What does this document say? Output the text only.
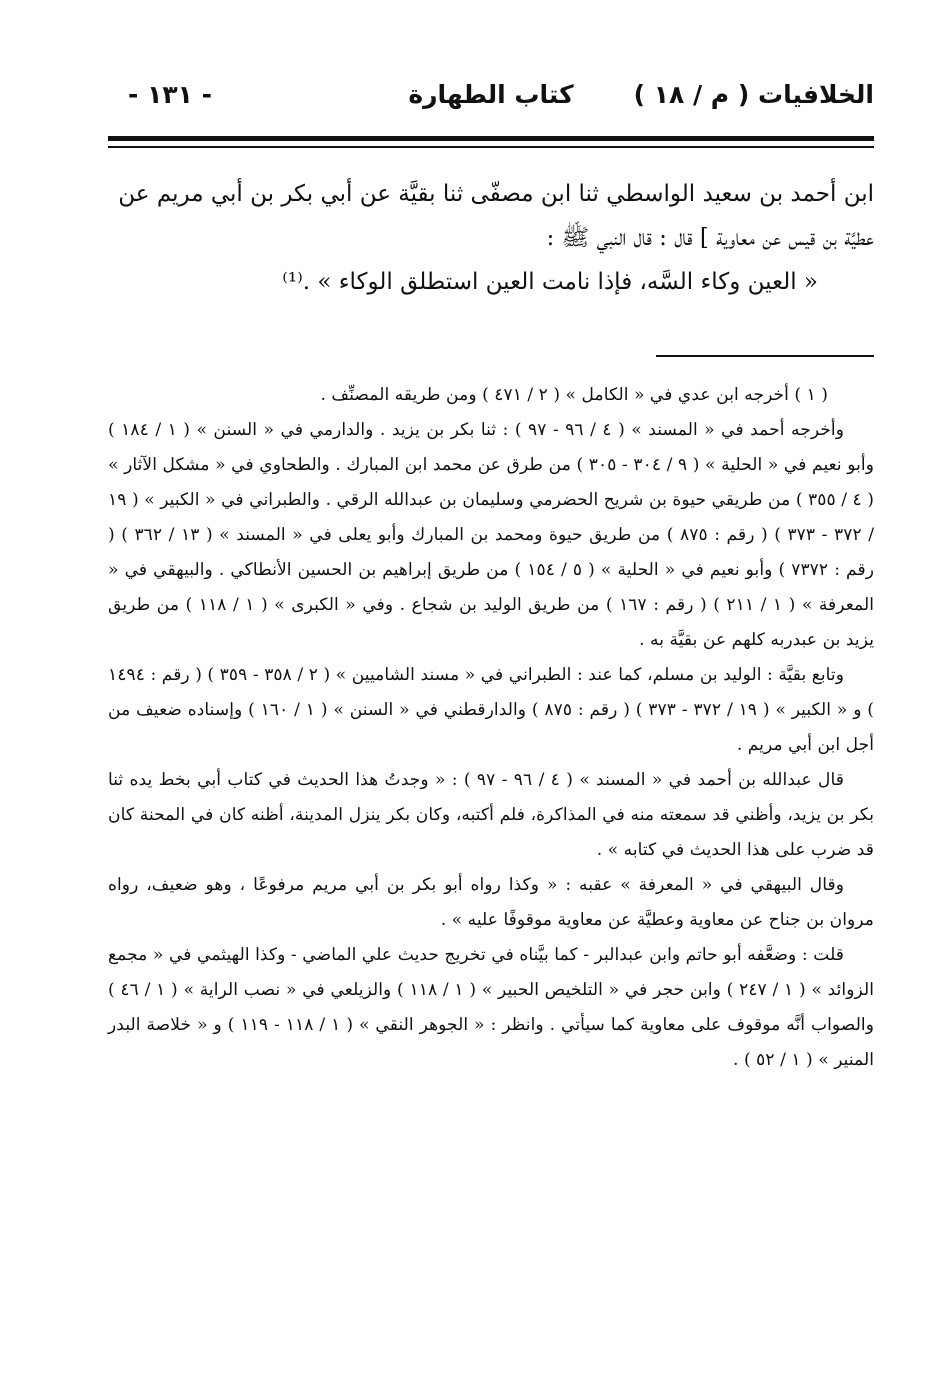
الخلافيات ( م / ١٨ )
كتاب الطهارة
- ١٣١ -

ابن أحمد بن سعيد الواسطي ثنا ابن مصفّى ثنا بقيَّة عن أبي بكر بن أبي مريم عن

عطيَّة بن قيس عن معاوية ] قال : قال النبي ﷺ :

« العين وكاء السَّه، فإذا نامت العين استطلق الوكاء » .⁽¹⁾

( ١ ) أخرجه ابن عدي في « الكامل » ( ٢ / ٤٧١ ) ومن طريقه المصنِّف .

وأخرجه أحمد في « المسند » ( ٤ / ٩٦ - ٩٧ ) : ثنا بكر بن يزيد . والدارمي في « السنن » ( ١ / ١٨٤ ) وأبو نعيم في « الحلية » ( ٩ / ٣٠٤ - ٣٠٥ ) من طرق عن محمد ابن المبارك . والطحاوي في « مشكل الآثار » ( ٤ / ٣٥٥ ) من طريقي حيوة بن شريح الحضرمي وسليمان بن عبدالله الرقي . والطبراني في « الكبير » ( ١٩ / ٣٧٢ - ٣٧٣ ) ( رقم : ٨٧٥ ) من طريق حيوة ومحمد بن المبارك وأبو يعلى في « المسند » ( ١٣ / ٣٦٢ ) ( رقم : ٧٣٧٢ ) وأبو نعيم في « الحلية » ( ٥ / ١٥٤ ) من طريق إبراهيم بن الحسين الأنطاكي . والبيهقي في « المعرفة » ( ١ / ٢١١ ) ( رقم : ١٦٧ ) من طريق الوليد بن شجاع . وفي « الكبرى » ( ١ / ١١٨ ) من طريق يزيد بن عبدربه كلهم عن بقيَّة به .

وتابع بقيَّة : الوليد بن مسلم، كما عند : الطبراني في « مسند الشاميين » ( ٢ / ٣٥٨ - ٣٥٩ ) ( رقم : ١٤٩٤ ) و « الكبير » ( ١٩ / ٣٧٢ - ٣٧٣ ) ( رقم : ٨٧٥ ) والدارقطني في « السنن » ( ١ / ١٦٠ ) وإسناده ضعيف من أجل ابن أبي مريم .

قال عبدالله بن أحمد في « المسند » ( ٤ / ٩٦ - ٩٧ ) : « وجدتُ هذا الحديث في كتاب أبي بخط يده ثنا بكر بن يزيد، وأظني قد سمعته منه في المذاكرة، فلم أكتبه، وكان بكر ينزل المدينة، أظنه كان في المحنة كان قد ضرب على هذا الحديث في كتابه » .

وقال البيهقي في « المعرفة » عقبه : « وكذا رواه أبو بكر بن أبي مريم مرفوعًا ، وهو ضعيف، رواه مروان بن جناح عن معاوية وعطيَّة عن معاوية موقوفًا عليه » .

قلت : وضعَّفه أبو حاتم وابن عبدالبر - كما بيَّناه في تخريج حديث علي الماضي - وكذا الهيثمي في « مجمع الزوائد » ( ١ / ٢٤٧ ) وابن حجر في « التلخيص الحبير » ( ١ / ١١٨ ) والزيلعي في « نصب الراية » ( ١ / ٤٦ ) والصواب أنَّه موقوف على معاوية كما سيأتي . وانظر : « الجوهر النقي » ( ١ / ١١٨ - ١١٩ ) و « خلاصة البدر المنير » ( ١ / ٥٢ ) .
